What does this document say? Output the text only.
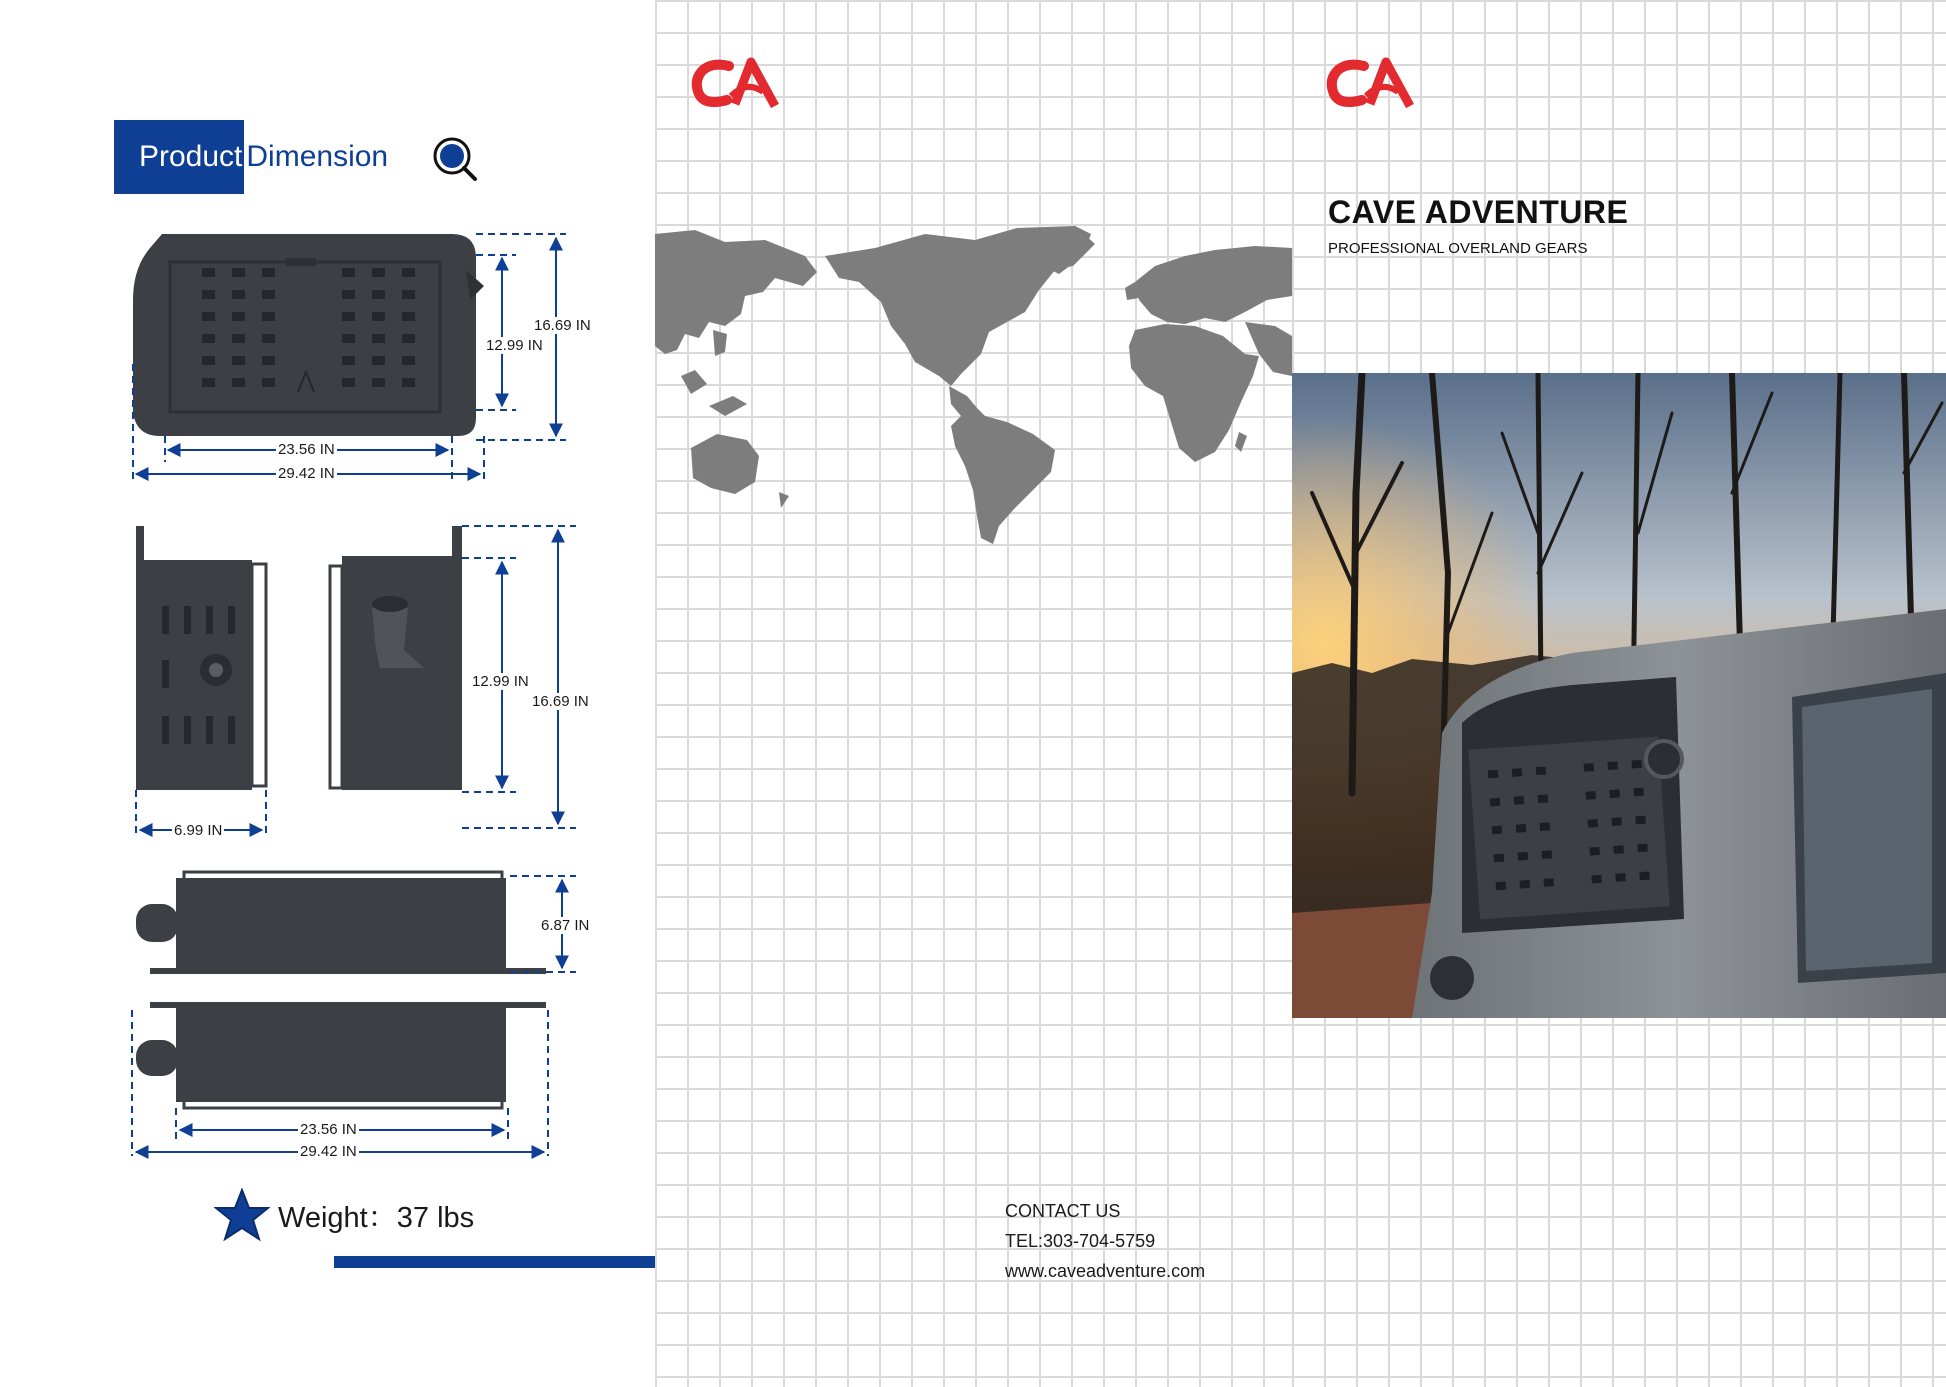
Product Dimension
16.69 IN
12.99 IN
23.56 IN
29.42 IN
6.99 IN
12.99 IN
16.69 IN
6.87 IN
23.56 IN
29.42 IN
Weight：37 lbs	CONTACT US
TEL:303-704-5759
www.caveadventure.com
CAVE ADVENTURE
PROFESSIONAL OVERLAND GEARS
